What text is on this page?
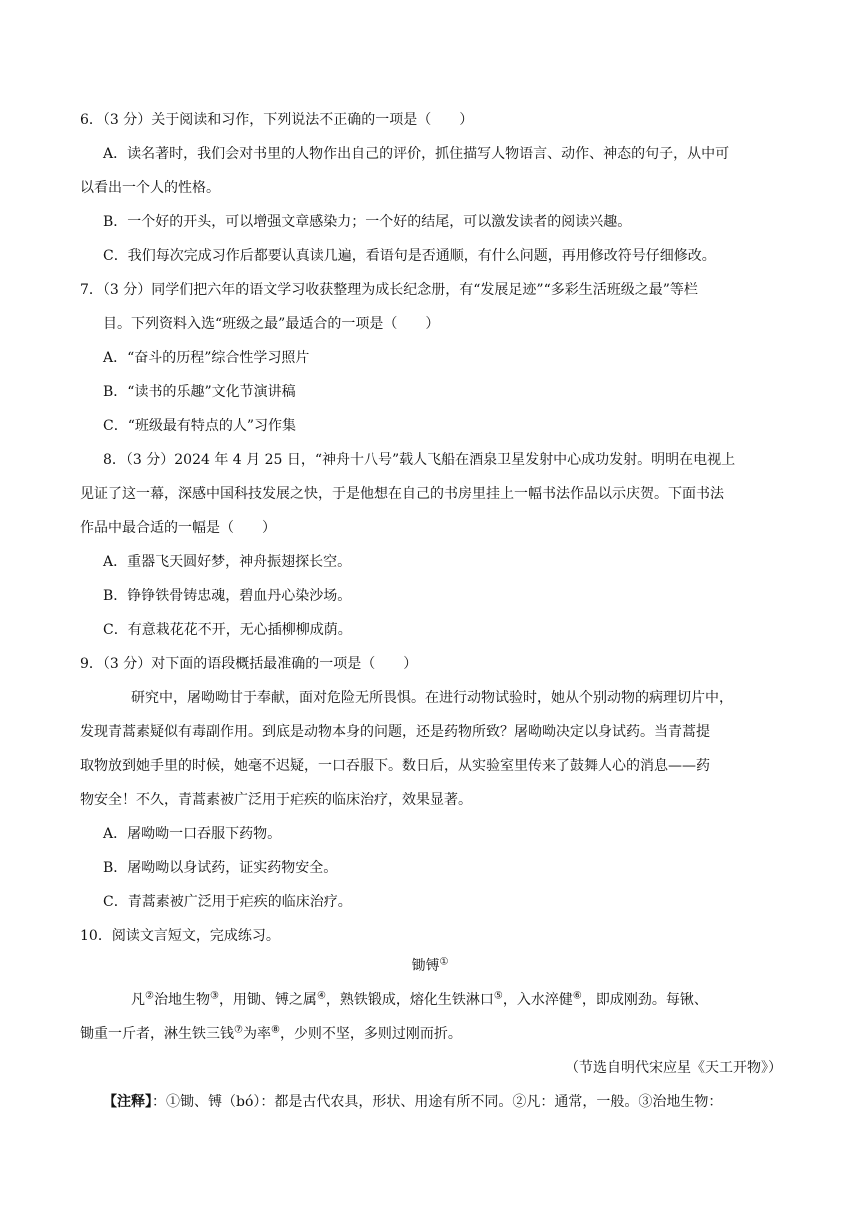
6．（3 分）关于阅读和习作，下列说法不正确的一项是（　　）
A．读名著时，我们会对书里的人物作出自己的评价，抓住描写人物语言、动作、神态的句子，从中可
以看出一个人的性格。
B．一个好的开头，可以增强文章感染力；一个好的结尾，可以激发读者的阅读兴趣。
C．我们每次完成习作后都要认真读几遍，看语句是否通顺，有什么问题，再用修改符号仔细修改。
7．（3 分）同学们把六年的语文学习收获整理为成长纪念册，有“发展足迹”“多彩生活班级之最”等栏
目。下列资料入选“班级之最”最适合的一项是（　　）
A．“奋斗的历程”综合性学习照片
B．“读书的乐趣”文化节演讲稿
C．“班级最有特点的人”习作集
8．（3 分）2024 年 4 月 25 日，“神舟十八号”载人飞船在酒泉卫星发射中心成功发射。明明在电视上
见证了这一幕，深感中国科技发展之快，于是他想在自己的书房里挂上一幅书法作品以示庆贺。下面书法
作品中最合适的一幅是（　　）
A．重器飞天圆好梦，神舟振翅探长空。
B．铮铮铁骨铸忠魂，碧血丹心染沙场。
C．有意栽花花不开，无心插柳柳成荫。
9．（3 分）对下面的语段概括最准确的一项是（　　）
研究中，屠呦呦甘于奉献，面对危险无所畏惧。在进行动物试验时，她从个别动物的病理切片中，
发现青蒿素疑似有毒副作用。到底是动物本身的问题，还是药物所致？屠呦呦决定以身试药。当青蒿提
取物放到她手里的时候，她毫不迟疑，一口吞服下。数日后，从实验室里传来了鼓舞人心的消息——药
物安全！不久，青蒿素被广泛用于疟疾的临床治疗，效果显著。
A．屠呦呦一口吞服下药物。
B．屠呦呦以身试药，证实药物安全。
C．青蒿素被广泛用于疟疾的临床治疗。
10．阅读文言短文，完成练习。
锄镈①
凡②治地生物③，用锄、镈之属④，熟铁锻成，熔化生铁淋口⑤，入水淬健⑥，即成刚劲。每锹、
锄重一斤者，淋生铁三钱⑦为率⑧，少则不坚，多则过刚而折。
（节选自明代宋应星《天工开物》）
【注释】：①锄、镈（bó）：都是古代农具，形状、用途有所不同。②凡：通常，一般。③治地生物：
